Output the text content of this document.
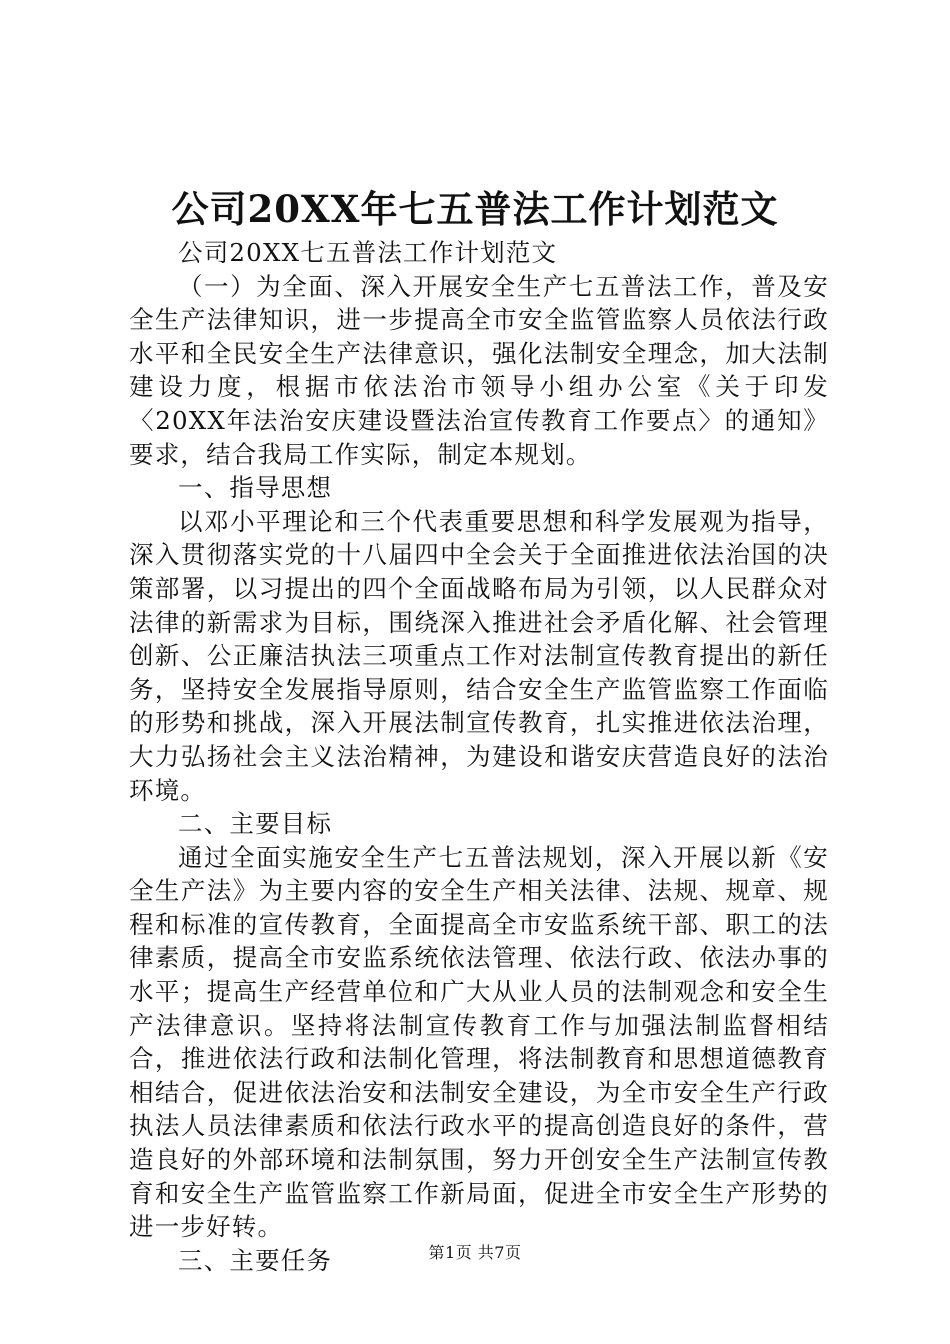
公司20XX年七五普法工作计划范文

公司20XX七五普法工作计划范文

（一）为全面、深入开展安全生产七五普法工作，普及安全生产法律知识，进一步提高全市安全监管监察人员依法行政水平和全民安全生产法律意识，强化法制安全理念，加大法制建设力度，根据市依法治市领导小组办公室《关于印发〈20XX年法治安庆建设暨法治宣传教育工作要点〉的通知》要求，结合我局工作实际，制定本规划。

一、指导思想

以邓小平理论和三个代表重要思想和科学发展观为指导，深入贯彻落实党的十八届四中全会关于全面推进依法治国的决策部署，以习提出的四个全面战略布局为引领，以人民群众对法律的新需求为目标，围绕深入推进社会矛盾化解、社会管理创新、公正廉洁执法三项重点工作对法制宣传教育提出的新任务，坚持安全发展指导原则，结合安全生产监管监察工作面临的形势和挑战，深入开展法制宣传教育，扎实推进依法治理，大力弘扬社会主义法治精神，为建设和谐安庆营造良好的法治环境。

二、主要目标

通过全面实施安全生产七五普法规划，深入开展以新《安全生产法》为主要内容的安全生产相关法律、法规、规章、规程和标准的宣传教育，全面提高全市安监系统干部、职工的法律素质，提高全市安监系统依法管理、依法行政、依法办事的水平；提高生产经营单位和广大从业人员的法制观念和安全生产法律意识。坚持将法制宣传教育工作与加强法制监督相结合，推进依法行政和法制化管理，将法制教育和思想道德教育相结合，促进依法治安和法制安全建设，为全市安全生产行政执法人员法律素质和依法行政水平的提高创造良好的条件，营造良好的外部环境和法制氛围，努力开创安全生产法制宣传教育和安全生产监管监察工作新局面，促进全市安全生产形势的进一步好转。

三、主要任务	第1页 共7页
